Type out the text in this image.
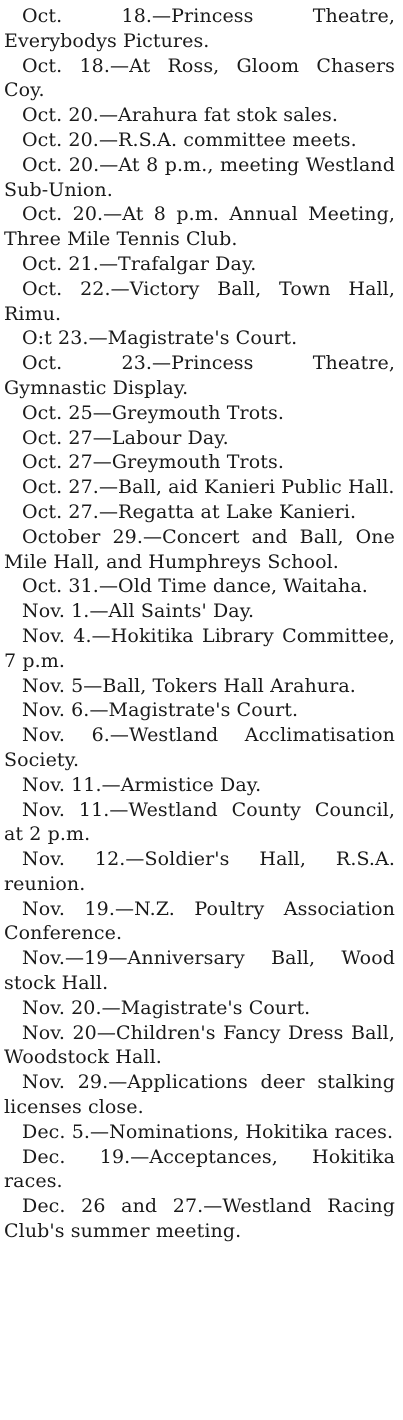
Oct. 18.—Princess Theatre, Everybodys Pictures.

Oct. 18.—At Ross, Gloom Chasers Coy.

Oct. 20.—Arahura fat stok sales.

Oct. 20.—R.S.A. committee meets.

Oct. 20.—At 8 p.m., meeting Westland Sub-Union.

Oct. 20.—At 8 p.m. Annual Meeting, Three Mile Tennis Club.

Oct. 21.—Trafalgar Day.

Oct. 22.—Victory Ball, Town Hall, Rimu.

O:t 23.—Magistrate's Court.

Oct. 23.—Princess Theatre, Gymnastic Display.

Oct. 25—Greymouth Trots.

Oct. 27—Labour Day.

Oct. 27—Greymouth Trots.

Oct. 27.—Ball, aid Kanieri Public Hall.

Oct. 27.—Regatta at Lake Kanieri.

October 29.—Concert and Ball, One Mile Hall, and Humphreys School.

Oct. 31.—Old Time dance, Waitaha.

Nov. 1.—All Saints' Day.

Nov. 4.—Hokitika Library Committee, 7 p.m.

Nov. 5—Ball, Tokers Hall Arahura.

Nov. 6.—Magistrate's Court.

Nov. 6.—Westland Acclimatisation Society.

Nov. 11.—Armistice Day.

Nov. 11.—Westland County Council, at 2 p.m.

Nov. 12.—Soldier's Hall, R.S.A. reunion.

Nov. 19.—N.Z. Poultry Association Conference.

Nov.—19—Anniversary Ball, Wood stock Hall.

Nov. 20.—Magistrate's Court.

Nov. 20—Children's Fancy Dress Ball, Woodstock Hall.

Nov. 29.—Applications deer stalking licenses close.

Dec. 5.—Nominations, Hokitika races.

Dec. 19.—Acceptances, Hokitika races.

Dec. 26 and 27.—Westland Racing Club's summer meeting.
